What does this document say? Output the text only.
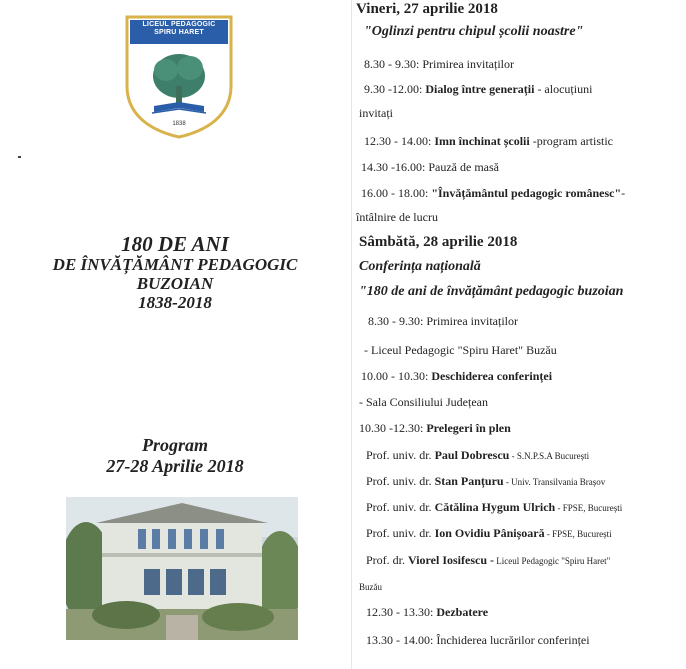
LICEUL PEDAGOGIC
SPIRU HARET
1838
180 DE ANI
DE ÎNVĂȚĂMÂNT PEDAGOGIC
BUZOIAN
1838-2018
Program
27-28 Aprilie 2018
Vineri, 27 aprilie 2018
"Oglinzi pentru chipul școlii noastre"
8.30 - 9.30: Primirea invitaților
9.30 -12.00: Dialog între generații - alocuțiuni
invitați
12.30 - 14.00: Imn închinat școlii -program artistic
14.30 -16.00: Pauză de masă
16.00 - 18.00: "Învățământul pedagogic românesc"-
întâlnire de lucru
Sâmbătă, 28 aprilie 2018
Conferința națională
"180 de ani de învățământ pedagogic buzoian
8.30 - 9.30: Primirea invitaților
- Liceul Pedagogic "Spiru Haret" Buzău
10.00 - 10.30: Deschiderea conferinței
- Sala Consiliului Județean
10.30 -12.30: Prelegeri în plen
Prof. univ. dr. Paul Dobrescu - S.N.P.S.A București
Prof. univ. dr. Stan Panțuru - Univ. Transilvania Brașov
Prof. univ. dr. Cătălina Hygum Ulrich - FPSE, București
Prof. univ. dr. Ion Ovidiu Pânișoară - FPSE, București
Prof. dr. Viorel Iosifescu - Liceul Pedagogic "Spiru Haret"
Buzău
12.30 - 13.30: Dezbatere
13.30 - 14.00: Închiderea lucrărilor conferinței
